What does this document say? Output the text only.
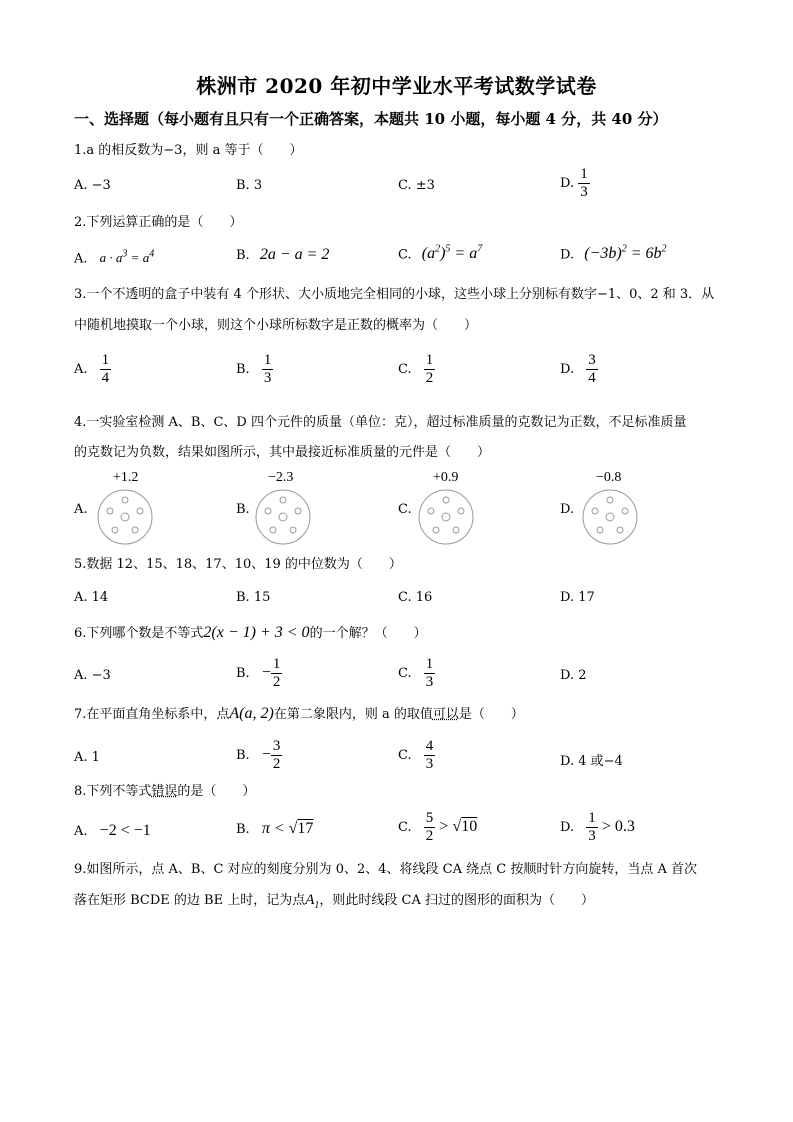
株洲市 2020 年初中学业水平考试数学试卷
一、选择题（每小题有且只有一个正确答案，本题共 10 小题，每小题 4 分，共 40 分）
1.a 的相反数为−3，则 a 等于（　　）
A. −3	B. 3	C. ±3	D. $\frac{1}{3}$
2.下列运算正确的是（　　）
A. $a \cdot a^3 = a^4$	B. 2a − a = 2	C. $(a^2)^5 = a^7$	D. $(-3b)^2 = 6b^2$
3.一个不透明的盒子中装有 4 个形状、大小质地完全相同的小球，这些小球上分别标有数字−1、0、2 和 3．从
中随机地摸取一个小球，则这个小球所标数字是正数的概率为（　　）
A. $\frac{1}{4}$	B. $\frac{1}{3}$	C. $\frac{1}{2}$	D. $\frac{3}{4}$
4.一实验室检测 A、B、C、D 四个元件的质量（单位：克），超过标准质量的克数记为正数，不足标准质量
的克数记为负数，结果如图所示，其中最接近标准质量的元件是（　　）
A.
+1.2
B.
−2.3
C.
+0.9
D.
−0.8
5.数据 12、15、18、17、10、19 的中位数为（　　）
A. 14	B. 15	C. 16	D. 17
6.下列哪个数是不等式2(x − 1) + 3 < 0的一个解？（　　）
A. −3	B. − $\frac{1}{2}$	C. $\frac{1}{3}$	D. 2
7.在平面直角坐标系中，点A(a, 2)在第二象限内，则 a 的取值可以是（　　）
A. 1	B. − $\frac{3}{2}$	C. $\frac{4}{3}$	D. 4 或−4
8.下列不等式错误的是（　　）
A. −2 < −1	B. π < √17	C. $\frac{5}{2} > √10$	D. $\frac{1}{3} > 0.3$
9.如图所示，点 A、B、C 对应的刻度分别为 0、2、4、将线段 CA 绕点 C 按顺时针方向旋转，当点 A 首次
落在矩形 BCDE 的边 BE 上时，记为点$A_1$，则此时线段 CA 扫过的图形的面积为（　　）
